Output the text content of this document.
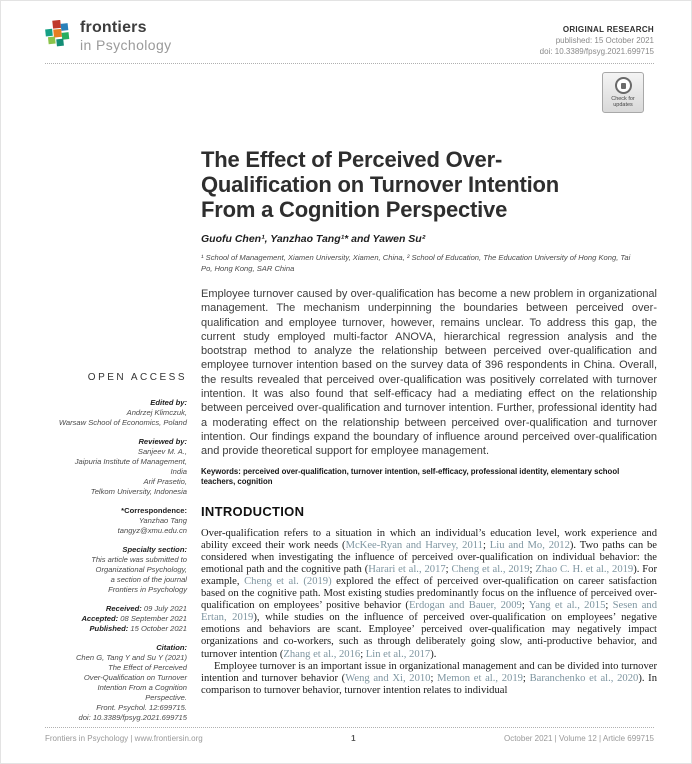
frontiers
in Psychology
ORIGINAL RESEARCH
published: 15 October 2021
doi: 10.3389/fpsyg.2021.699715
Check for
updates
OPEN ACCESS
Edited by:
Andrzej Klimczuk,
Warsaw School of Economics, Poland
Reviewed by:
Sanjeev M. A.,
Jaipuria Institute of Management,
India
Arif Prasetio,
Telkom University, Indonesia
*Correspondence:
Yanzhao Tang
tangyz@xmu.edu.cn
Specialty section:
This article was submitted to
Organizational Psychology,
a section of the journal
Frontiers in Psychology
Received: 09 July 2021
Accepted: 08 September 2021
Published: 15 October 2021
Citation:
Chen G, Tang Y and Su Y (2021)
The Effect of Perceived
Over-Qualification on Turnover
Intention From a Cognition
Perspective.
Front. Psychol. 12:699715.
doi: 10.3389/fpsyg.2021.699715
The Effect of Perceived Over-Qualification on Turnover Intention From a Cognition Perspective
Guofu Chen¹, Yanzhao Tang¹* and Yawen Su²
¹ School of Management, Xiamen University, Xiamen, China, ² School of Education, The Education University of Hong Kong, Tai Po, Hong Kong, SAR China
Employee turnover caused by over-qualification has become a new problem in organizational management. The mechanism underpinning the boundaries between perceived over-qualification and employee turnover, however, remains unclear. To address this gap, the current study employed multi-factor ANOVA, hierarchical regression analysis and the bootstrap method to analyze the relationship between perceived over-qualification and employee turnover intention based on the survey data of 396 respondents in China. Overall, the results revealed that perceived over-qualification was positively correlated with turnover intention. It was also found that self-efficacy had a mediating effect on the relationship between perceived over-qualification and turnover intention. Further, professional identity had a moderating effect on the relationship between perceived over-qualification and turnover intention. Our findings expand the boundary of influence around perceived over-qualification and provide theoretical support for employee management.
Keywords: perceived over-qualification, turnover intention, self-efficacy, professional identity, elementary school teachers, cognition
INTRODUCTION

Over-qualification refers to a situation in which an individual’s education level, work experience and ability exceed their work needs (McKee-Ryan and Harvey, 2011; Liu and Mo, 2012). Two paths can be considered when investigating the influence of perceived over-qualification on individual behavior: the emotional path and the cognitive path (Harari et al., 2017; Cheng et al., 2019; Zhao C. H. et al., 2019). For example, Cheng et al. (2019) explored the effect of perceived over-qualification on career satisfaction based on the cognitive path. Most existing studies predominantly focus on the influence of perceived over-qualification on employees’ positive behavior (Erdogan and Bauer, 2009; Yang et al., 2015; Sesen and Ertan, 2019), while studies on the influence of perceived over-qualification on employees’ negative emotions and behaviors are scant. Employee’ perceived over-qualification may negatively impact organizations and co-workers, such as through deliberately going slow, anti-productive behavior, and turnover intention (Zhang et al., 2016; Lin et al., 2017).

Employee turnover is an important issue in organizational management and can be divided into turnover intention and turnover behavior (Weng and Xi, 2010; Memon et al., 2019; Baranchenko et al., 2020). In comparison to turnover behavior, turnover intention relates to individual

Frontiers in Psychology | www.frontiersin.org	1	October 2021 | Volume 12 | Article 699715
